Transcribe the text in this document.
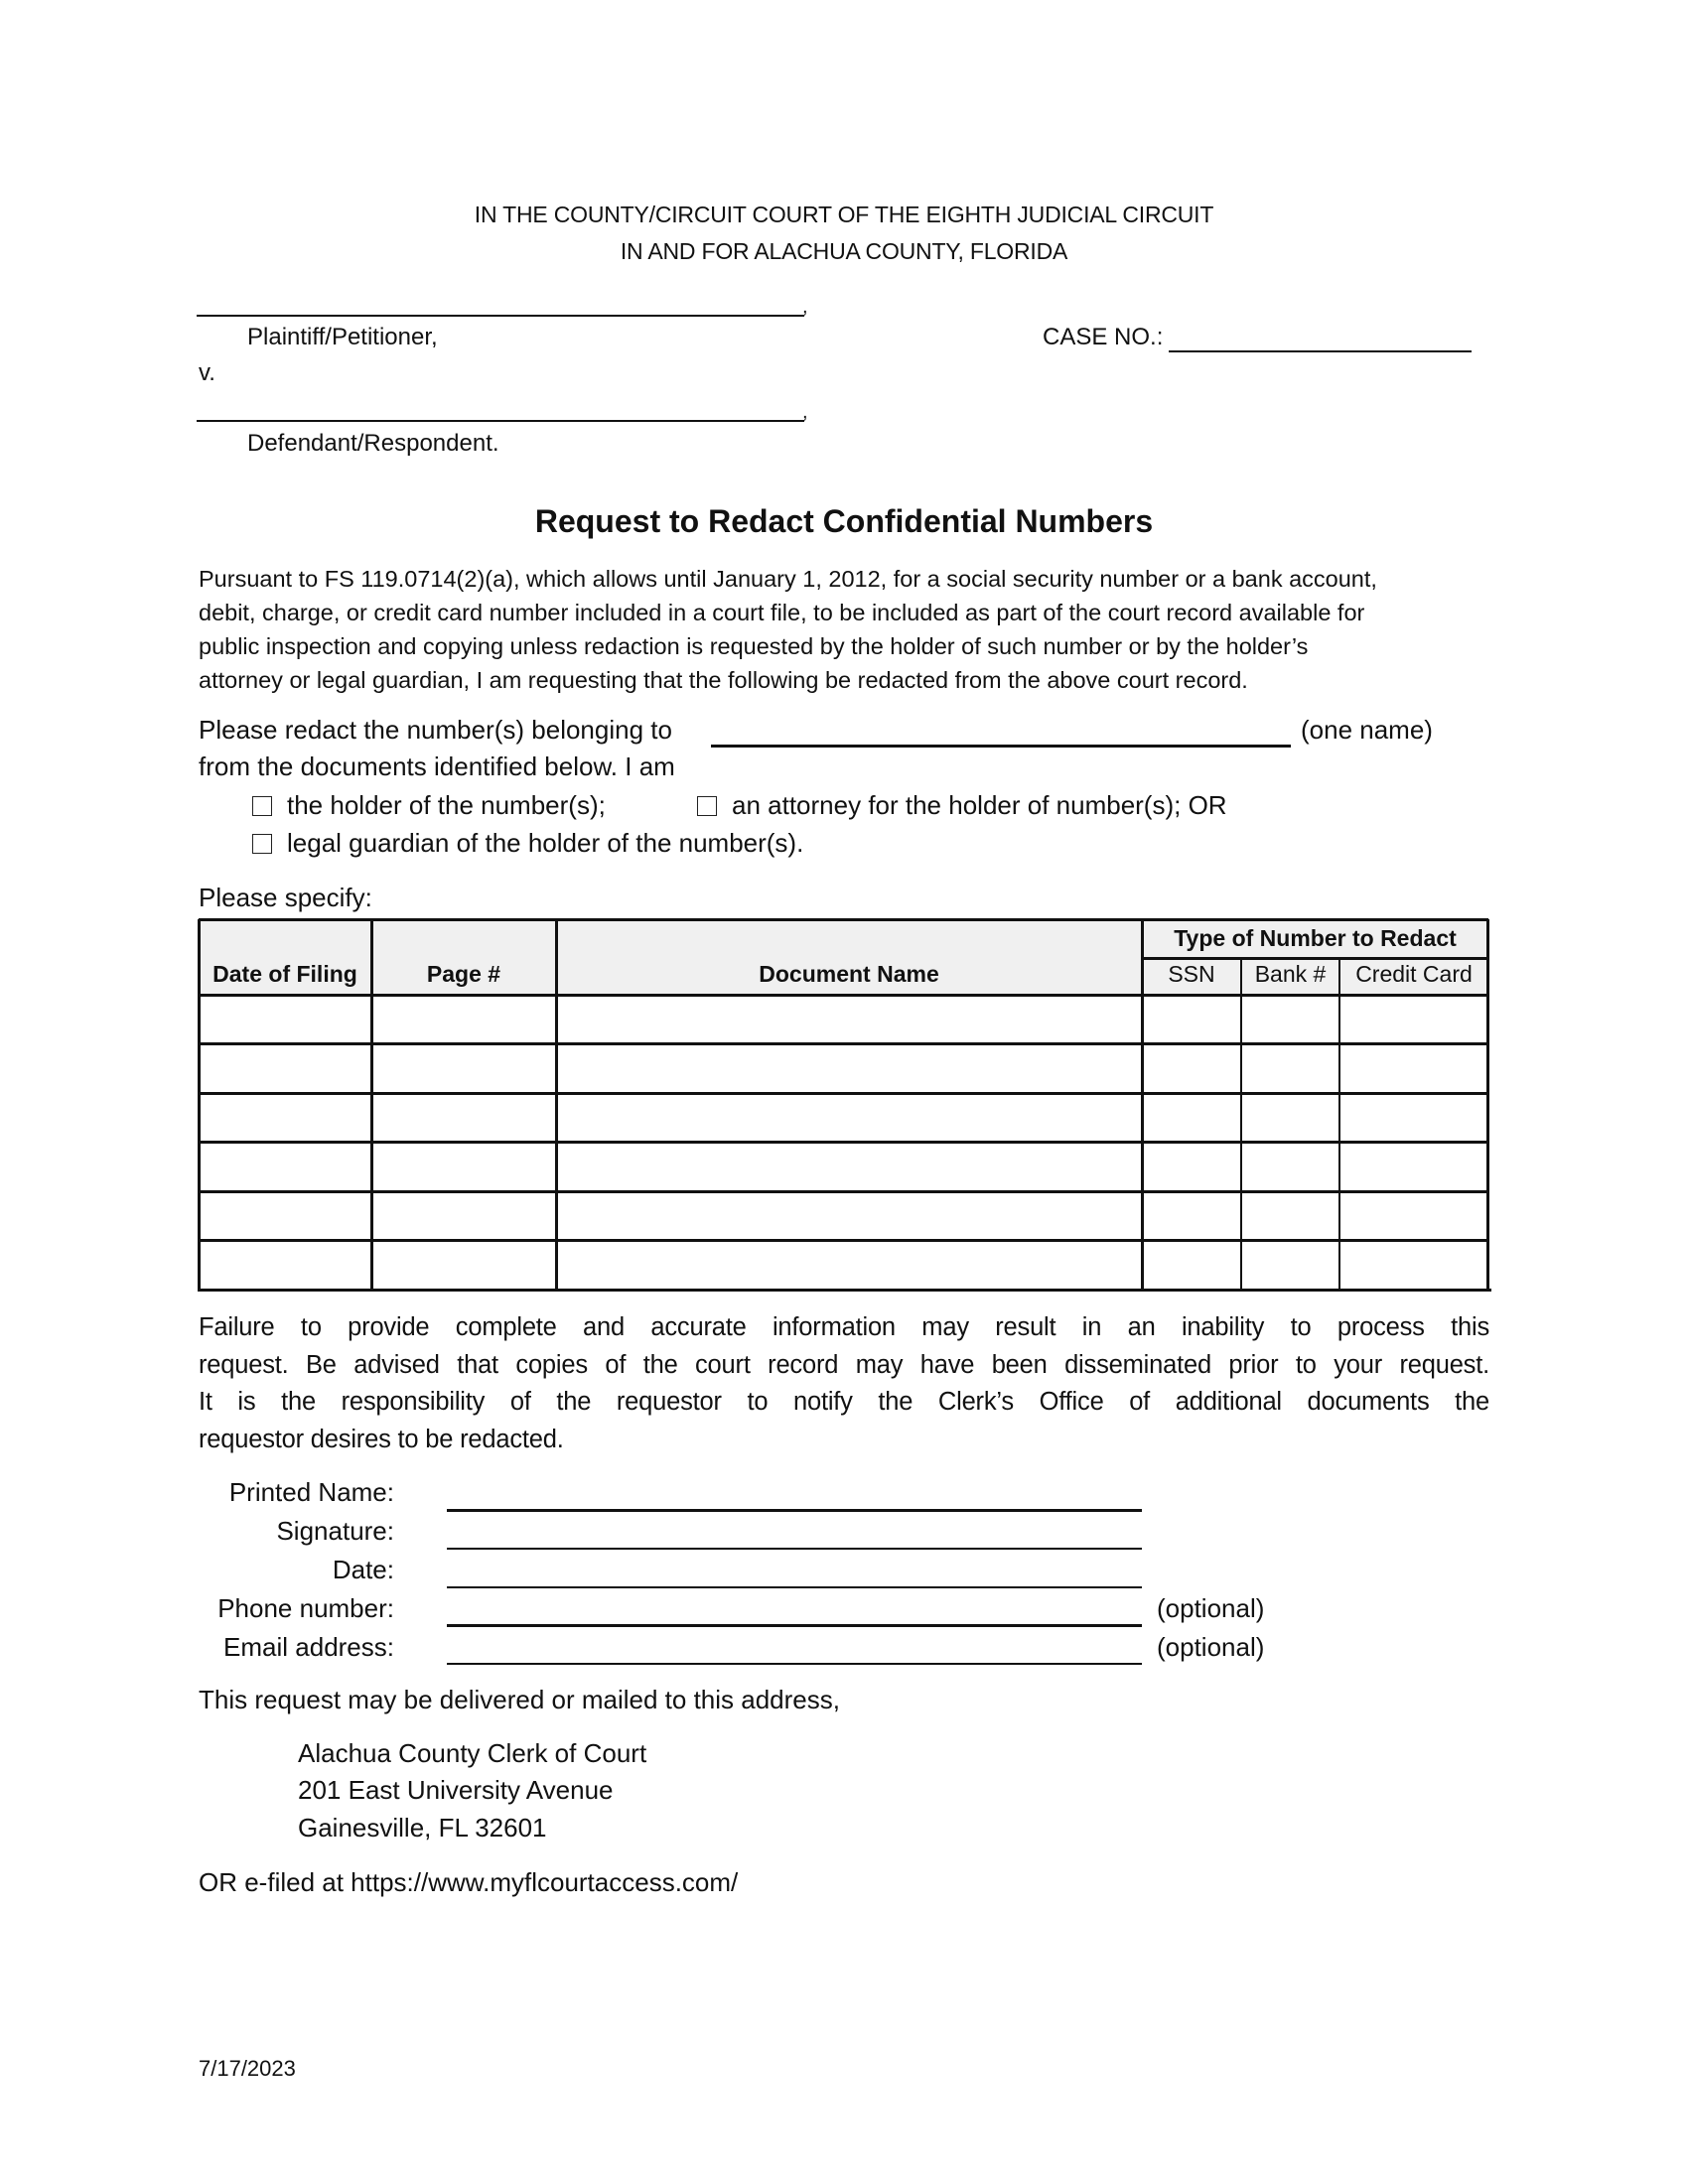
IN THE COUNTY/CIRCUIT COURT OF THE EIGHTH JUDICIAL CIRCUIT
IN AND FOR ALACHUA COUNTY, FLORIDA
,
Plaintiff/Petitioner,
v.
,
Defendant/Respondent.
CASE NO.:
Request to Redact Confidential Numbers
Pursuant to FS 119.0714(2)(a), which allows until January 1, 2012, for a social security number or a bank account,
debit, charge, or credit card number included in a court file, to be included as part of the court record available for
public inspection and copying unless redaction is requested by the holder of such number or by the holder’s
attorney or legal guardian, I am requesting that the following be redacted from the above court record.
Please redact the number(s) belonging to	(one name)
from the documents identified below. I am
the holder of the number(s);	an attorney for the holder of number(s); OR
legal guardian of the holder of the number(s).
Please specify:
Date of Filing	Page #	Document Name
Type of Number to Redact
SSN	Bank #	Credit Card
Failure to provide complete and accurate information may result in an inability to process this
request. Be advised that copies of the court record may have been disseminated prior to your request.
It is the responsibility of the requestor to notify the Clerk’s Office of additional documents the
requestor desires to be redacted.
Printed Name:
Signature:
Date:
Phone number:	(optional)
Email address:	(optional)
This request may be delivered or mailed to this address,
Alachua County Clerk of Court
201 East University Avenue
Gainesville, FL 32601
OR e-filed at https://www.myflcourtaccess.com/
7/17/2023
